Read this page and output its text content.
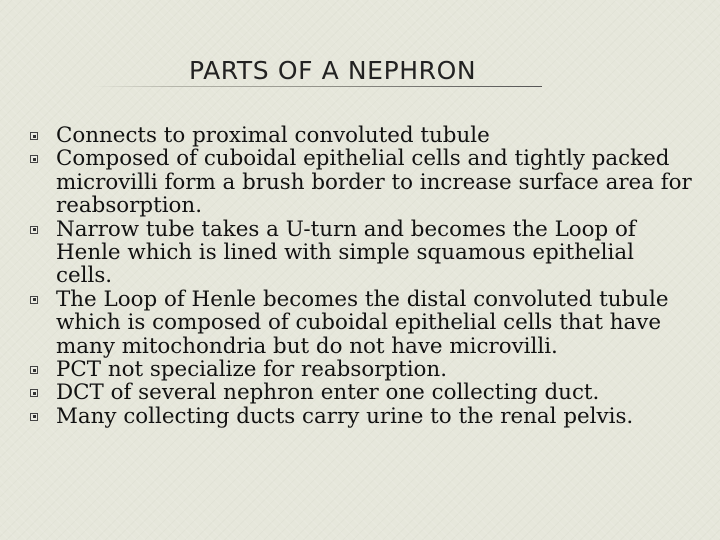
PARTS OF A NEPHRON
Connects to proximal convoluted tubule
Composed of cuboidal epithelial cells and tightly packed microvilli form a brush border to increase surface area for reabsorption.
Narrow tube takes a U-turn and becomes the Loop of Henle which is lined with simple squamous epithelial cells.
The Loop of Henle becomes the distal convoluted tubule which is composed of cuboidal epithelial cells that have many mitochondria but do not have microvilli.
PCT not specialize for reabsorption.
DCT of several nephron enter one collecting duct.
Many collecting ducts carry urine to the renal pelvis.
